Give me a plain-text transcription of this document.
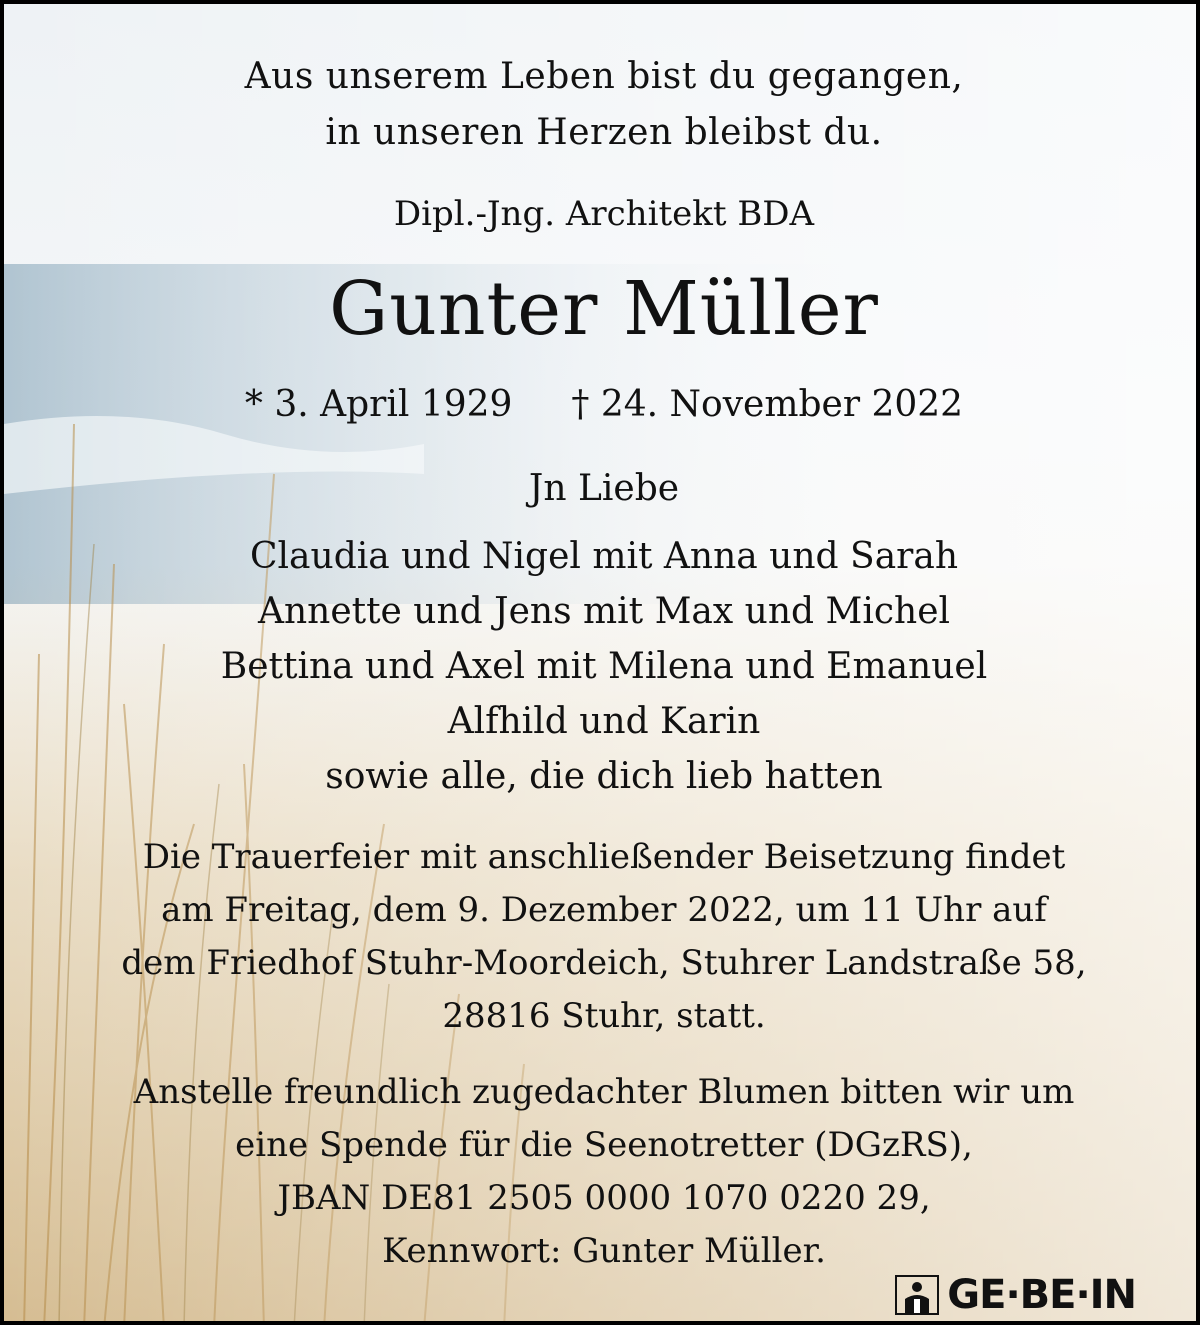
Aus unserem Leben bist du gegangen,
in unseren Herzen bleibst du.
Dipl.-Jng. Architekt BDA
Gunter Müller
* 3. April 1929 † 24. November 2022
Jn Liebe
Claudia und Nigel mit Anna und Sarah
Annette und Jens mit Max und Michel
Bettina und Axel mit Milena und Emanuel
Alfhild und Karin
sowie alle, die dich lieb hatten
Die Trauerfeier mit anschließender Beisetzung findet
am Freitag, dem 9. Dezember 2022, um 11 Uhr auf
dem Friedhof Stuhr-Moordeich, Stuhrer Landstraße 58,
28816 Stuhr, statt.
Anstelle freundlich zugedachter Blumen bitten wir um
eine Spende für die Seenotretter (DGzRS),
JBAN DE81 2505 0000 1070 0220 29,
Kennwort: Gunter Müller.
GE·BE·IN
